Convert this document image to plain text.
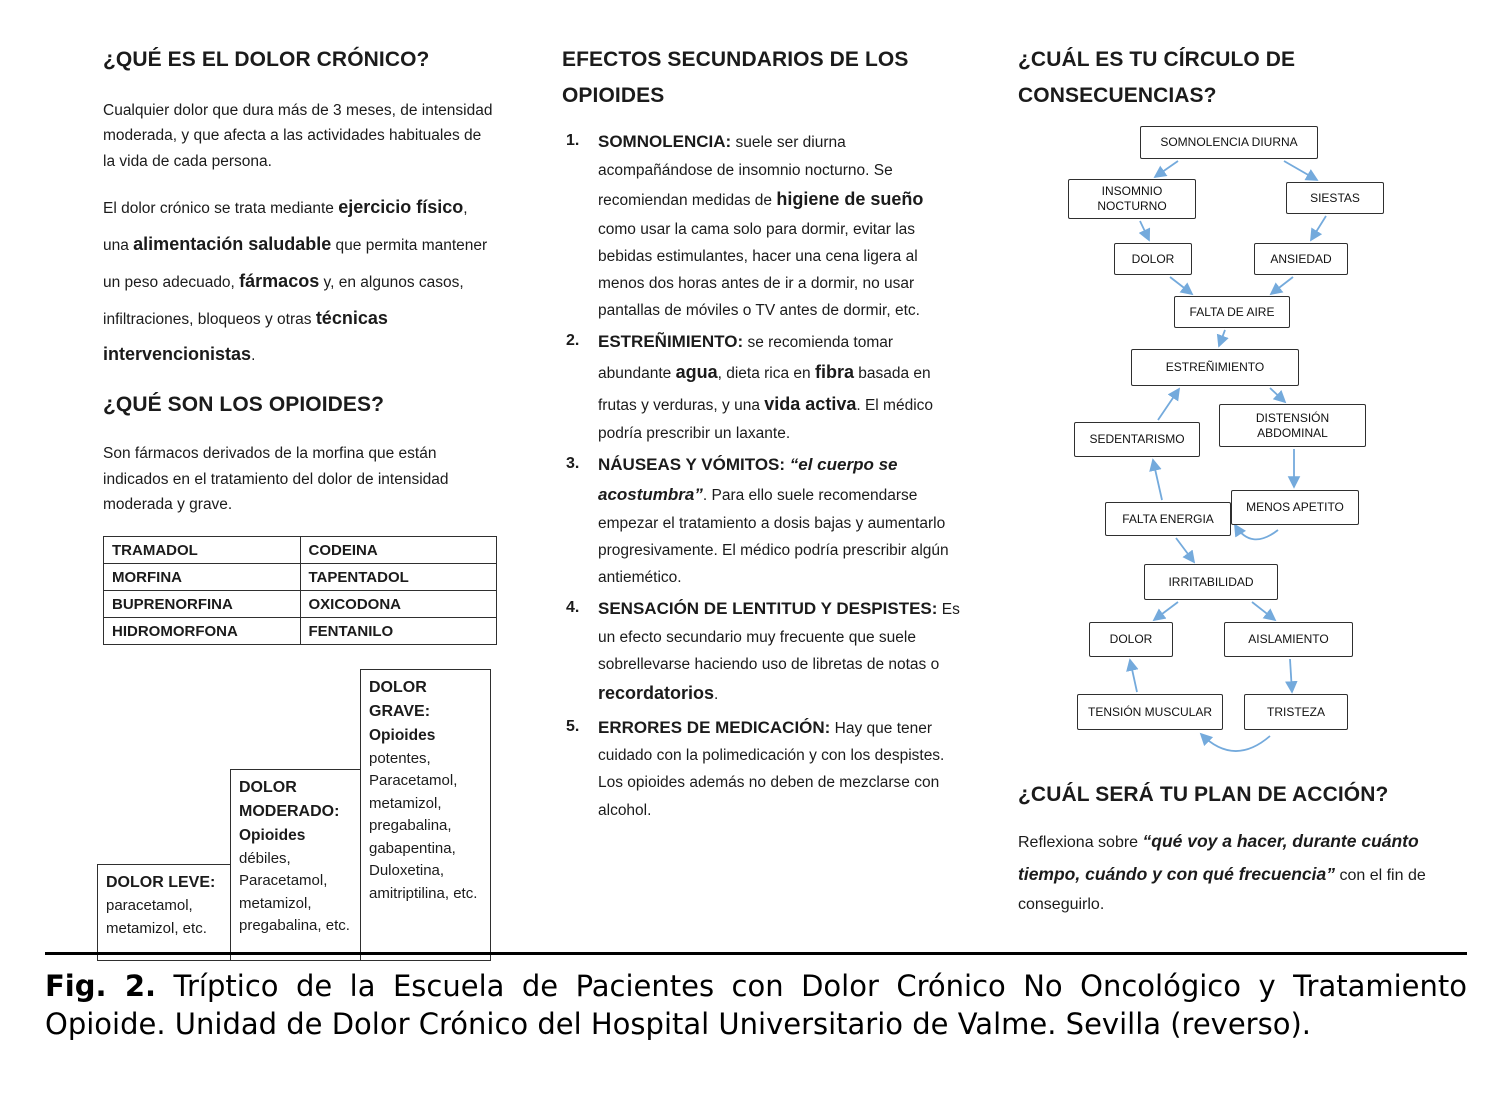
¿QUÉ ES EL DOLOR CRÓNICO?

Cualquier dolor que dura más de 3 meses, de intensidad moderada, y que afecta a las actividades habituales de la vida de cada persona.

El dolor crónico se trata mediante ejercicio físico, una alimentación saludable que permita mantener un peso adecuado, fármacos y, en algunos casos, infiltraciones, bloqueos y otras técnicas intervencionistas.

¿QUÉ SON LOS OPIOIDES?

Son fármacos derivados de la morfina que están indicados en el tratamiento del dolor de intensidad moderada y grave.

TRAMADOL	CODEINA
MORFINA	TAPENTADOL
BUPRENORFINA	OXICODONA
HIDROMORFONA	FENTANILO
DOLOR LEVE: paracetamol, metamizol, etc.
DOLOR MODERADO: Opioides débiles, Paracetamol, metamizol, pregabalina, etc.
DOLOR GRAVE: Opioides potentes, Paracetamol, metamizol, pregabalina, gabapentina, Duloxetina, amitriptilina, etc.
EFECTOS SECUNDARIOS DE LOS OPIOIDES
1.	SOMNOLENCIA: suele ser diurna acompañándose de insomnio nocturno. Se recomiendan medidas de higiene de sueño como usar la cama solo para dormir, evitar las bebidas estimulantes, hacer una cena ligera al menos dos horas antes de ir a dormir, no usar pantallas de móviles o TV antes de dormir, etc.
2.	ESTREÑIMIENTO: se recomienda tomar abundante agua, dieta rica en fibra basada en frutas y verduras, y una vida activa. El médico podría prescribir un laxante.
3.	NÁUSEAS Y VÓMITOS: “el cuerpo se acostumbra”. Para ello suele recomendarse empezar el tratamiento a dosis bajas y aumentarlo progresivamente. El médico podría prescribir algún antiemético.
4.	SENSACIÓN DE LENTITUD Y DESPISTES: Es un efecto secundario muy frecuente que suele sobrellevarse haciendo uso de libretas de notas o recordatorios.
5.	ERRORES DE MEDICACIÓN: Hay que tener cuidado con la polimedicación y con los despistes. Los opioides además no deben de mezclarse con alcohol.
¿CUÁL ES TU CÍRCULO DE CONSECUENCIAS?
SOMNOLENCIA DIURNA
INSOMNIO NOCTURNO
SIESTAS
DOLOR	ANSIEDAD
FALTA DE AIRE
ESTREÑIMIENTO
SEDENTARISMO
DISTENSIÓN ABDOMINAL
FALTA ENERGIA
MENOS APETITO
IRRITABILIDAD
DOLOR	AISLAMIENTO
TENSIÓN MUSCULAR	TRISTEZA
¿CUÁL SERÁ TU PLAN DE ACCIÓN?

Reflexiona sobre “qué voy a hacer, durante cuánto tiempo, cuándo y con qué frecuencia” con el fin de conseguirlo.

Fig. 2. Tríptico de la Escuela de Pacientes con Dolor Crónico No Oncológico y Tratamiento Opioide. Unidad de Dolor Crónico del Hospital Universitario de Valme. Sevilla (reverso).
